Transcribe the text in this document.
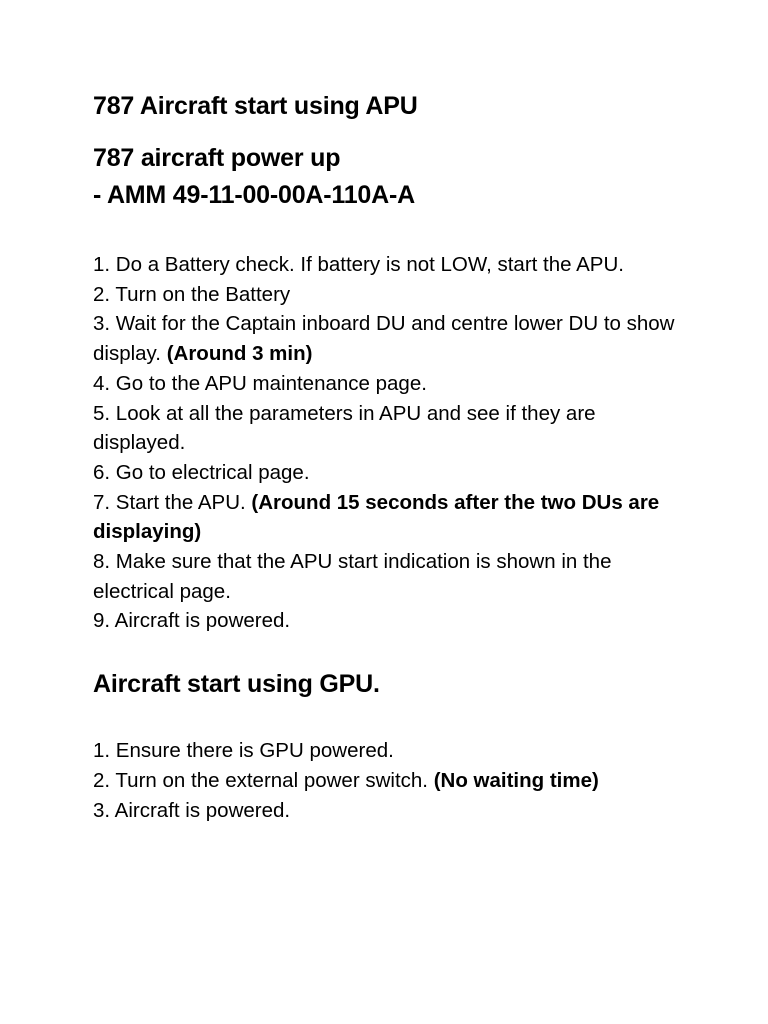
787 Aircraft start using APU
787 aircraft power up
- AMM 49-11-00-00A-110A-A
1. Do a Battery check. If battery is not LOW, start the APU.
2. Turn on the Battery
3. Wait for the Captain inboard DU and centre lower DU to show display. (Around 3 min)
4. Go to the APU maintenance page.
5. Look at all the parameters in APU and see if they are displayed.
6. Go to electrical page.
7. Start the APU. (Around 15 seconds after the two DUs are displaying)
8. Make sure that the APU start indication is shown in the electrical page.
9. Aircraft is powered.
Aircraft start using GPU.
1. Ensure there is GPU powered.
2. Turn on the external power switch. (No waiting time)
3. Aircraft is powered.
